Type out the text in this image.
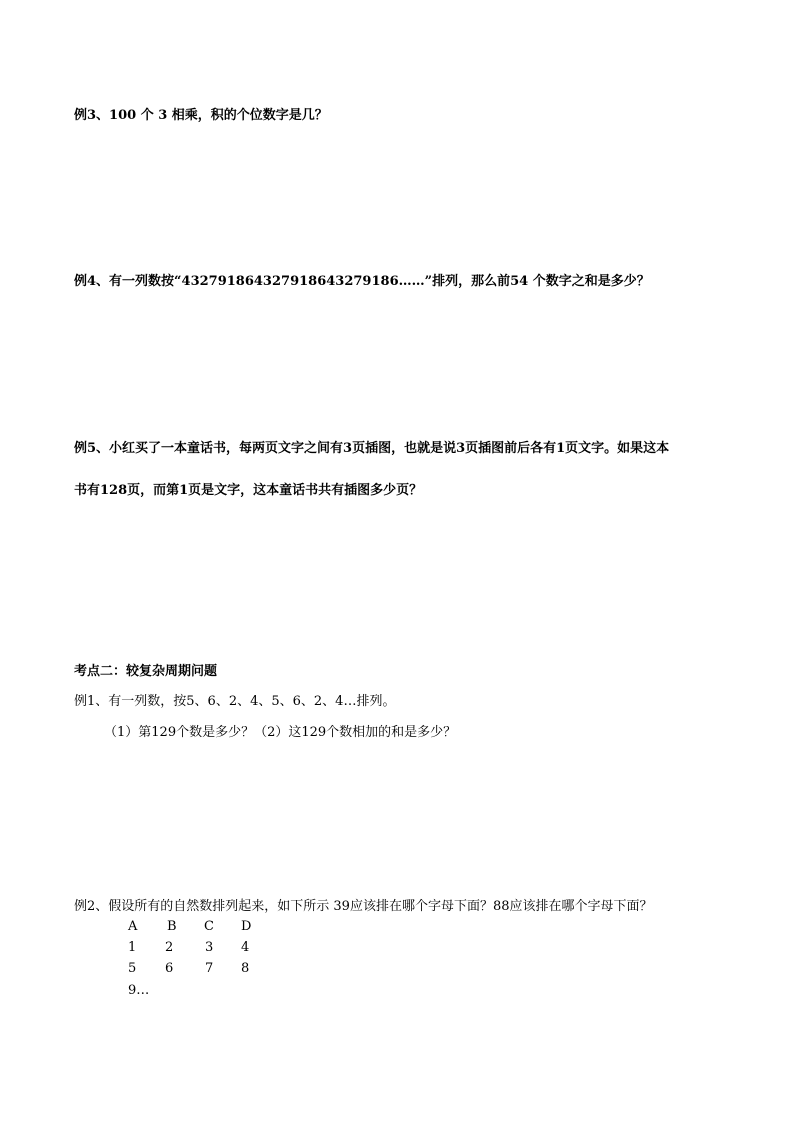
例3、100 个 3 相乘，积的个位数字是几？
例4、有一列数按“4327918643279186432791​86……”排列，那么前54 个数字之和是多少？
例5、小红买了一本童话书，每两页文字之间有3页插图，也就是说3页插图前后各有1页文字。如果这本
书有128页，而第1页是文字，这本童话书共有插图多少页？
考点二：较复杂周期问题
例1、有一列数，按5、6、2、4、5、6、2、4…排列。
（1）第129个数是多少？（2）这129个数相加的和是多少？
例2、假设所有的自然数排列起来，如下所示 39应该排在哪个字母下面？88应该排在哪个字母下面？
A B C D
1 2 3 4
5 6 7 8
9…
